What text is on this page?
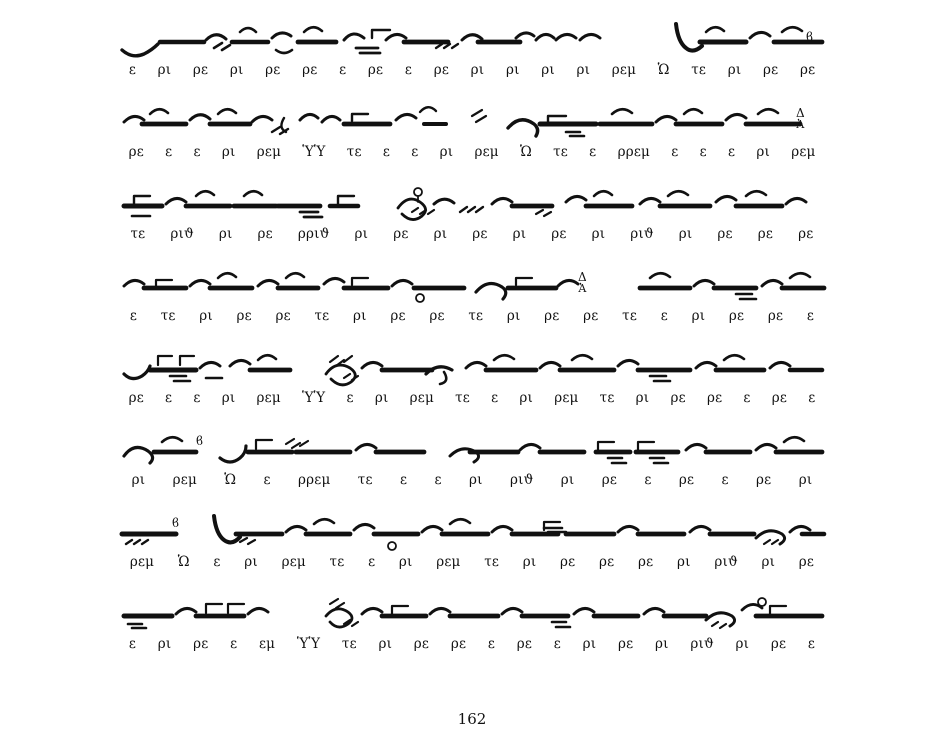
ϐ
ε	ρι	ρε	ρι	ρε	ρε	ε	ρε	ε	ρε	ρι	ρι	ρι	ρι	ρεμ	Ὡ	τε	ρι	ρε	ρε
Δ
Ἀ
ρε	ε	ε	ρι	ρεμ	ὙὙ	τε	ε	ε	ρι	ρεμ	Ὡ	τε	ε	ρρεμ	ε	ε	ε	ρι	ρεμ
τε	ριϑ	ρι	ρε	ρριϑ	ρι	ρε	ρι	ρε	ρι	ρε	ρι	ριϑ	ρι	ρε	ρε	ρε
Δ
Ἀ
ε	τε	ρι	ρε	ρε	τε	ρι	ρε	ρε	τε	ρι	ρε	ρε	τε	ε	ρι	ρε	ρε	ε
ρε	ε	ε	ρι	ρεμ	ὙὙ	ε	ρι	ρεμ	τε	ε	ρι	ρεμ	τε	ρι	ρε	ρε	ε	ρε	ε
ϐ
ρι	ρεμ	Ὡ	ε	ρρεμ	τε	ε	ε	ρι	ριϑ	ρι	ρε	ε	ρε	ε	ρε	ρι
ϐ
ρεμ	Ὡ	ε	ρι	ρεμ	τε	ε	ρι	ρεμ	τε	ρι	ρε	ρε	ρε	ρι	ριϑ	ρι	ρε
ε	ρι	ρε	ε	εμ	ὙὙ	τε	ρι	ρε	ρε	ε	ρε	ε	ρι	ρε	ρι	ριϑ	ρι	ρε	ε
162
